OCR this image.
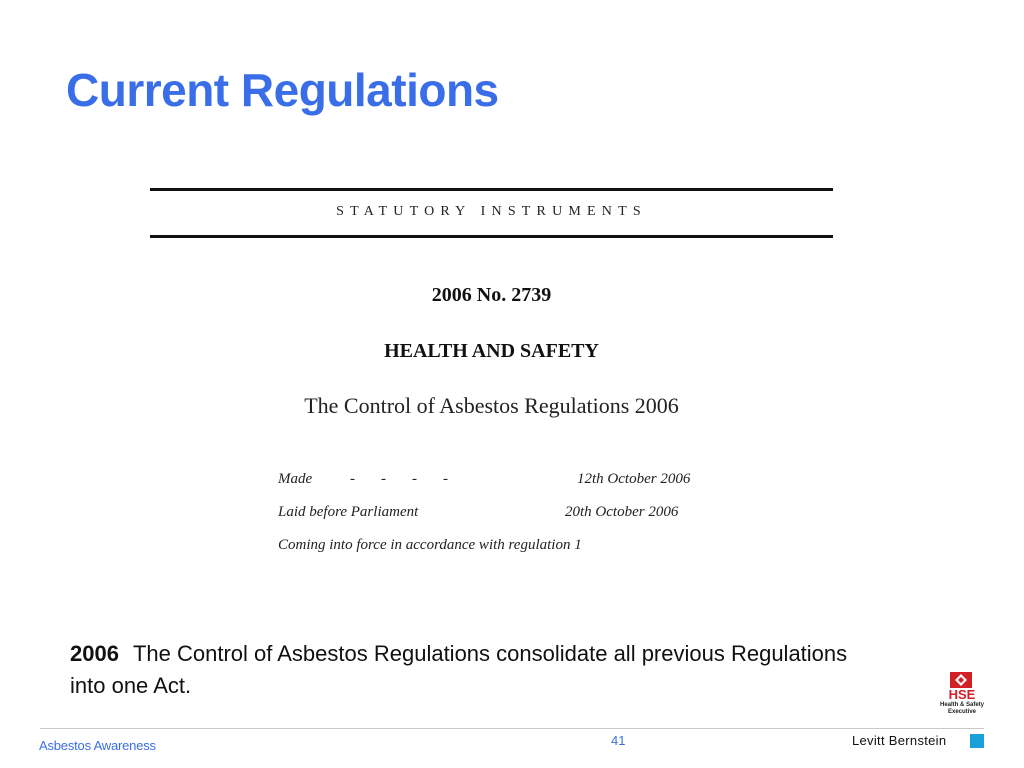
Current Regulations
STATUTORY INSTRUMENTS
2006 No. 2739
HEALTH AND SAFETY
The Control of Asbestos Regulations 2006
Made	- - - -	12th October 2006
Laid before Parliament	20th October 2006
Coming into force in accordance with regulation 1
2006 The Control of Asbestos Regulations consolidate all previous Regulations into one Act.	HSE
Health & Safety
Executive
Asbestos Awareness	41	Levitt Bernstein
